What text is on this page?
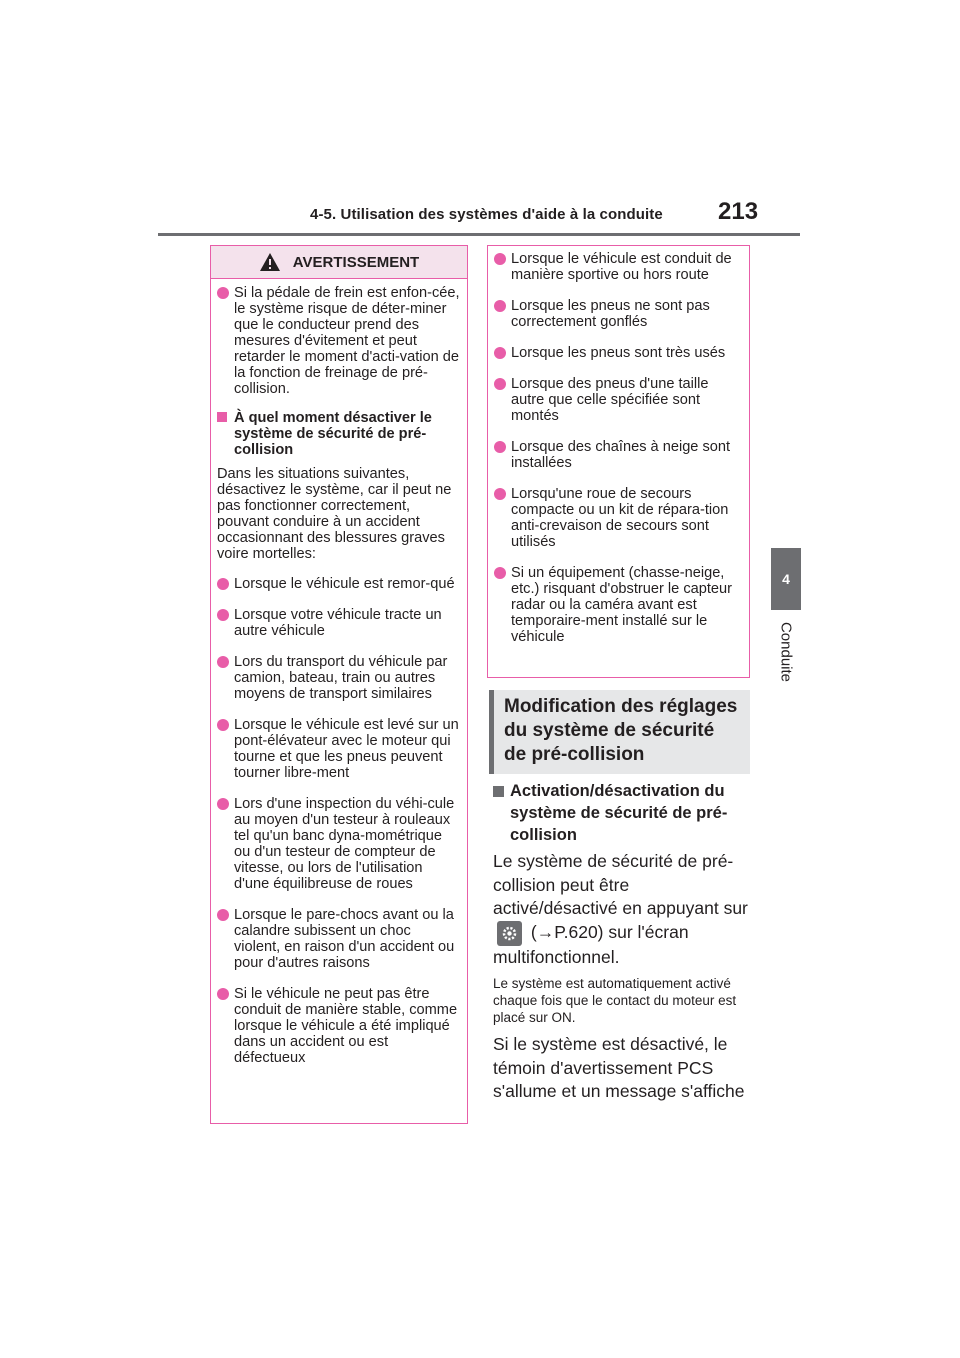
4-5. Utilisation des systèmes d'aide à la conduite 213
4
Conduite
AVERTISSEMENT
Si la pédale de frein est enfon-cée, le système risque de déter-miner que le conducteur prend des mesures d'évitement et peut retarder le moment d'acti-vation de la fonction de freinage de pré-collision.
À quel moment désactiver le système de sécurité de pré-collision
Dans les situations suivantes, désactivez le système, car il peut ne pas fonctionner correctement, pouvant conduire à un accident occasionnant des blessures graves voire mortelles:
Lorsque le véhicule est remor-qué
Lorsque votre véhicule tracte un autre véhicule
Lors du transport du véhicule par camion, bateau, train ou autres moyens de transport similaires
Lorsque le véhicule est levé sur un pont-élévateur avec le moteur qui tourne et que les pneus peuvent tourner libre-ment
Lors d'une inspection du véhi-cule au moyen d'un testeur à rouleaux tel qu'un banc dyna-mométrique ou d'un testeur de compteur de vitesse, ou lors de l'utilisation d'une équilibreuse de roues
Lorsque le pare-chocs avant ou la calandre subissent un choc violent, en raison d'un accident ou pour d'autres raisons
Si le véhicule ne peut pas être conduit de manière stable, comme lorsque le véhicule a été impliqué dans un accident ou est défectueux
Lorsque le véhicule est conduit de manière sportive ou hors route
Lorsque les pneus ne sont pas correctement gonflés
Lorsque les pneus sont très usés
Lorsque des pneus d'une taille autre que celle spécifiée sont montés
Lorsque des chaînes à neige sont installées
Lorsqu'une roue de secours compacte ou un kit de répara-tion anti-crevaison de secours sont utilisés
Si un équipement (chasse-neige, etc.) risquant d'obstruer le capteur radar ou la caméra avant est temporaire-ment installé sur le véhicule
Modification des réglages du système de sécurité de pré-collision
Activation/désactivation du système de sécurité de pré-collision
Le système de sécurité de pré-collision peut être activé/désactivé en appuyant sur
(→P.620) sur l'écran multifonctionnel.
Le système est automatiquement activé chaque fois que le contact du moteur est placé sur ON.
Si le système est désactivé, le témoin d'avertissement PCS s'allume et un message s'affiche
